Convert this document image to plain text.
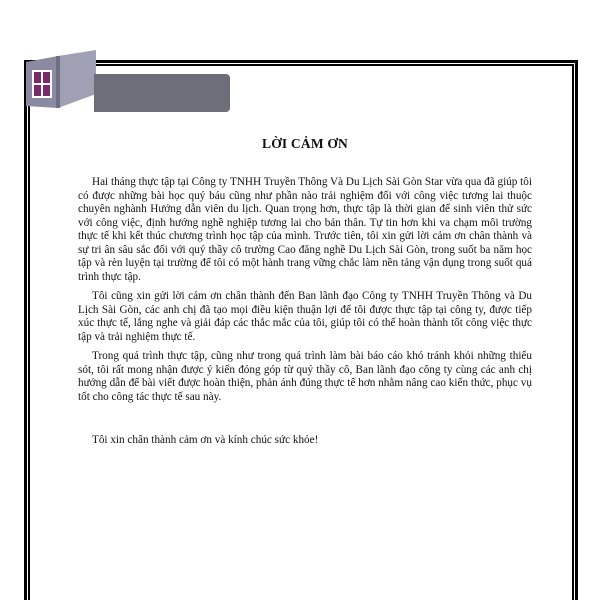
Vietbaocaothue24h
CHẤT LƯỢNG - UY TÍN - BẢO MẬT
LỜI CẢM ƠN

Hai tháng thực tập tại Công ty TNHH Truyền Thông Và Du Lịch Sài Gòn Star vừa qua đã giúp tôi có được những bài học quý báu cũng như phần nào trải nghiệm đối với công việc tương lai thuộc chuyên nghành Hướng dẫn viên du lịch. Quan trọng hơn, thực tập là thời gian để sinh viên thử sức với công việc, định hướng nghề nghiệp tương lai cho bản thân. Tự tin hơn khi va chạm môi trường thực tế khi kết thúc chương trình học tập của mình. Trước tiên, tôi xin gửi lời cảm ơn chân thành và sự tri ân sâu sắc đối với quý thầy cô trường Cao đăng nghề Du Lịch Sài Gòn, trong suốt ba năm học tập và rèn luyện tại trường để tôi có một hành trang vững chắc làm nền tảng vận dụng trong suốt quá trình thực tập.

Tôi cũng xin gửi lời cảm ơn chân thành đến Ban lãnh đạo Công ty TNHH Truyền Thông và Du Lịch Sài Gòn, các anh chị đã tạo mọi điều kiện thuận lợi để tôi được thực tập tại công ty, được tiếp xúc thực tế, lắng nghe và giải đáp các thắc mắc của tôi, giúp tôi có thể hoàn thành tốt công việc thực tập và trải nghiệm thực tế.

Trong quá trình thực tập, cũng như trong quá trình làm bài báo cáo khó tránh khỏi những thiếu sót, tôi rất mong nhận được ý kiến đóng góp từ quý thầy cô, Ban lãnh đạo công ty cùng các anh chị hướng dẫn để bài viết được hoàn thiện, phản ánh đúng thực tế hơn nhằm nâng cao kiến thức, phục vụ tốt cho công tác thực tế sau này.

Tôi xin chân thành cảm ơn và kính chúc sức khỏe!
